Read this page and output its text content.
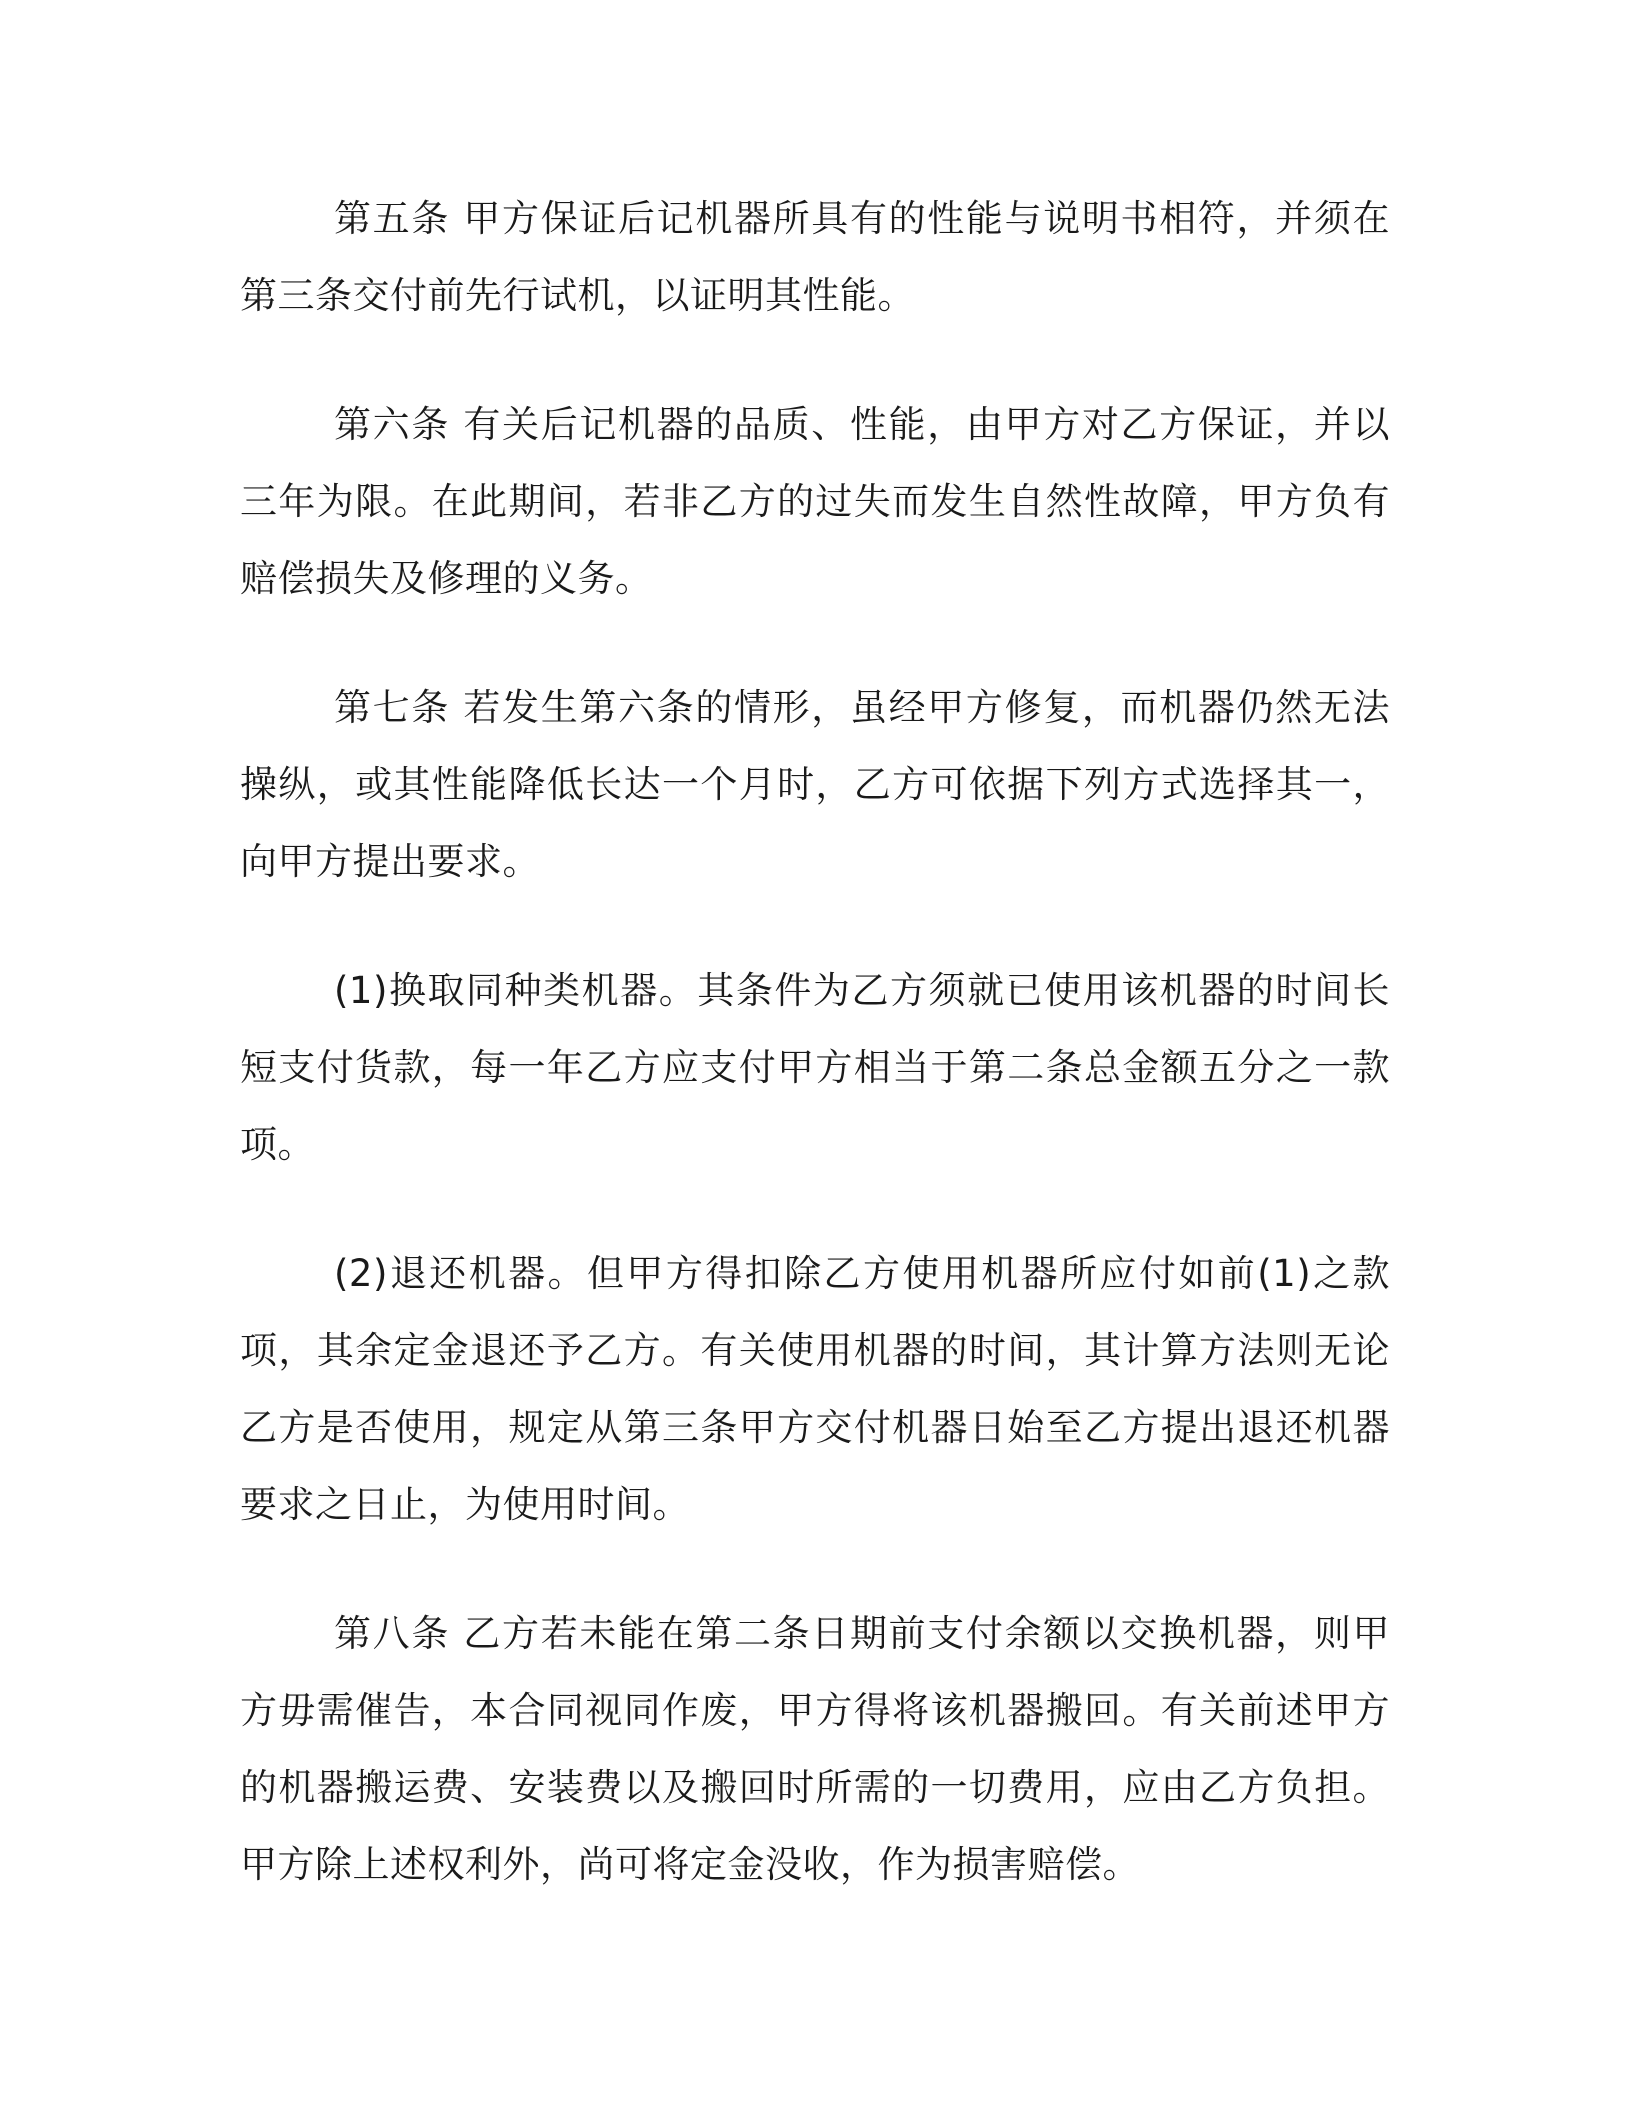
第五条 甲方保证后记机器所具有的性能与说明书相符，并须在第三条交付前先行试机，以证明其性能。

第六条 有关后记机器的品质、性能，由甲方对乙方保证，并以三年为限。在此期间，若非乙方的过失而发生自然性故障，甲方负有赔偿损失及修理的义务。

第七条 若发生第六条的情形，虽经甲方修复，而机器仍然无法操纵，或其性能降低长达一个月时，乙方可依据下列方式选择其一，向甲方提出要求。

(1)换取同种类机器。其条件为乙方须就已使用该机器的时间长短支付货款，每一年乙方应支付甲方相当于第二条总金额五分之一款项。

(2)退还机器。但甲方得扣除乙方使用机器所应付如前(1)之款项，其余定金退还予乙方。有关使用机器的时间，其计算方法则无论乙方是否使用，规定从第三条甲方交付机器日始至乙方提出退还机器要求之日止，为使用时间。

第八条 乙方若未能在第二条日期前支付余额以交换机器，则甲方毋需催告，本合同视同作废，甲方得将该机器搬回。有关前述甲方的机器搬运费、安装费以及搬回时所需的一切费用，应由乙方负担。甲方除上述权利外，尚可将定金没收，作为损害赔偿。
